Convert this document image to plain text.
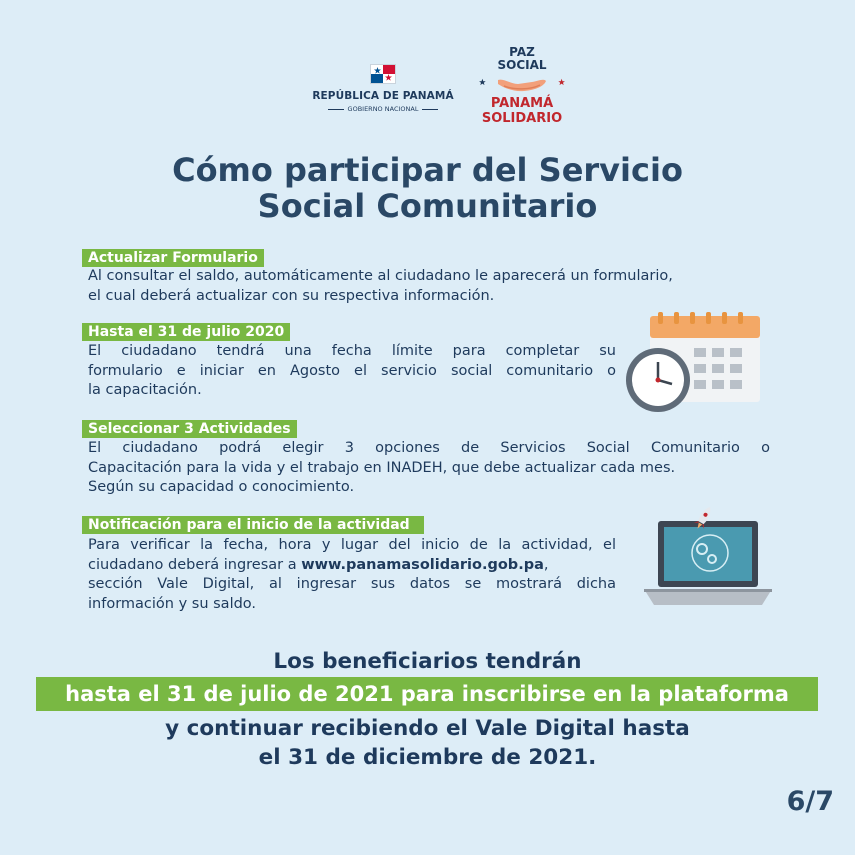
REPÚBLICA DE PANAMÁ
GOBIERNO NACIONAL
PAZ
SOCIAL
PANAMÁ
SOLIDARIO
Cómo participar del Servicio
Social Comunitario
Actualizar Formulario
Al consultar el saldo, automáticamente al ciudadano le aparecerá un formulario,
el cual deberá actualizar con su respectiva información.
Hasta el 31 de julio 2020
El ciudadano tendrá una fecha límite para completar su
formulario e iniciar en Agosto el servicio social comunitario o
la capacitación.
Seleccionar 3 Actividades
El ciudadano podrá elegir 3 opciones de Servicios Social Comunitario o
Capacitación para la vida y el trabajo en INADEH, que debe actualizar cada mes.
Según su capacidad o conocimiento.
Notificación para el inicio de la actividad
Para verificar la fecha, hora y lugar del inicio de la actividad, el
ciudadano deberá ingresar a www.panamasolidario.gob.pa,
sección Vale Digital, al ingresar sus datos se mostrará dicha
información y su saldo.
Los beneficiarios tendrán
hasta el 31 de julio de 2021 para inscribirse en la plataforma
y continuar recibiendo el Vale Digital hasta
el 31 de diciembre de 2021.
6/7
